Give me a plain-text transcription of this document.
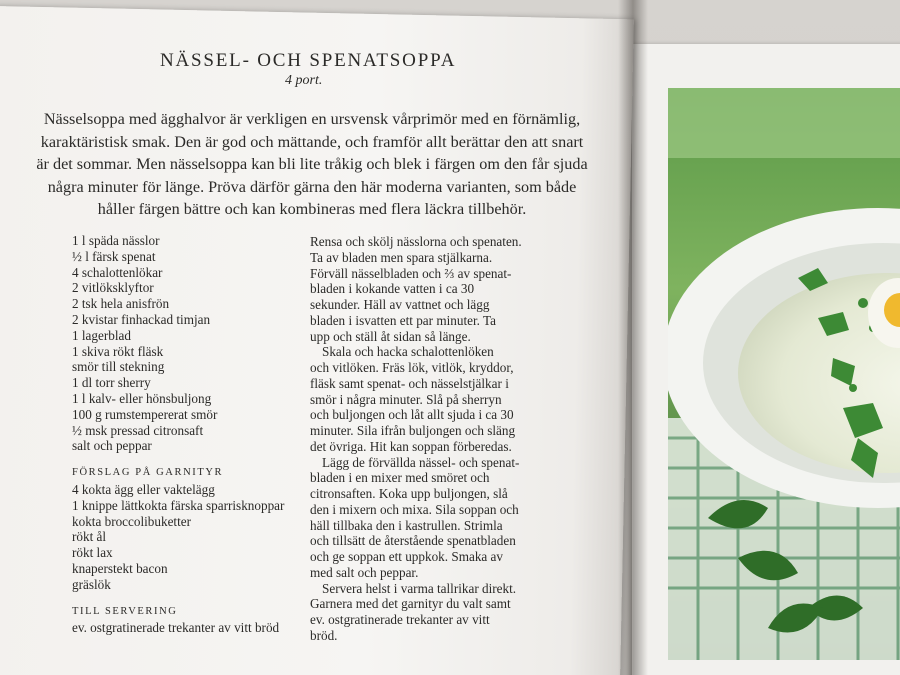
NÄSSEL- OCH SPENATSOPPA
4 port.
Nässelsoppa med ägghalvor är verkligen en ursvensk vårprimör med en förnämlig,
karaktäristisk smak. Den är god och mättande, och framför allt berättar den att snart
är det sommar. Men nässelsoppa kan bli lite tråkig och blek i färgen om den får sjuda
några minuter för länge. Pröva därför gärna den här moderna varianten, som både
håller färgen bättre och kan kombineras med flera läckra tillbehör.
1 l späda nässlor
½ l färsk spenat
4 schalottenlökar
2 vitlöksklyftor
2 tsk hela anisfrön
2 kvistar finhackad timjan
1 lagerblad
1 skiva rökt fläsk
smör till stekning
1 dl torr sherry
1 l kalv- eller hönsbuljong
100 g rumstempererat smör
½ msk pressad citronsaft
salt och peppar
FÖRSLAG PÅ GARNITYR
4 kokta ägg eller vaktelägg
1 knippe lättkokta färska sparrisknoppar
kokta broccolibuketter
rökt ål
rökt lax
knaperstekt bacon
gräslök
TILL SERVERING
ev. ostgratinerade trekanter av vitt bröd
Rensa och skölj nässlorna och spenaten.
Ta av bladen men spara stjälkarna.
Förväll nässelbladen och ⅔ av spenat-
bladen i kokande vatten i ca 30
sekunder. Häll av vattnet och lägg
bladen i isvatten ett par minuter. Ta
upp och ställ åt sidan så länge.
Skala och hacka schalottenlöken
och vitlöken. Fräs lök, vitlök, kryddor,
fläsk samt spenat- och nässelstjälkar i
smör i några minuter. Slå på sherryn
och buljongen och låt allt sjuda i ca 30
minuter. Sila ifrån buljongen och släng
det övriga. Hit kan soppan förberedas.
Lägg de förvällda nässel- och spenat-
bladen i en mixer med smöret och
citronsaften. Koka upp buljongen, slå
den i mixern och mixa. Sila soppan och
häll tillbaka den i kastrullen. Strimla
och tillsätt de återstående spenatbladen
och ge soppan ett uppkok. Smaka av
med salt och peppar.
Servera helst i varma tallrikar direkt.
Garnera med det garnityr du valt samt
ev. ostgratinerade trekanter av vitt
bröd.
